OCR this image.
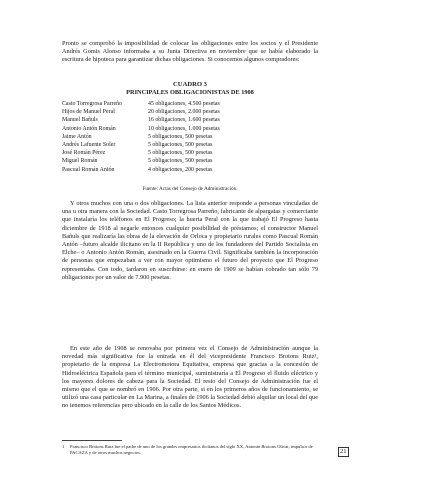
Pronto se comprobó la imposibilidad de colocar las obligaciones entre los socios y el Presidente Andrés Gomis Alonso informaba a su Junta Directiva en noviembre que se había elaborado la escritura de hipoteca para garantizar dichas obligaciones. Si conocemos algunos compradores:
CUADRO 3
PRINCIPALES OBLIGACIONISTAS DE 1908
Casto Torregrosa Parreño	45 obligaciones, 4.500 pesetas
Hijos de Manuel Peral	20 obligaciones, 2.000 pesetas
Manuel Bañuls	16 obligaciones, 1.600 pesetas
Antonio Antón Román	10 obligaciones, 1.000 pesetas
Jaime Antón	5 obligaciones, 500 pesetas
Andrés Lafuente Soler	5 obligaciones, 500 pesetas
José Román Pérez	5 obligaciones, 500 pesetas
Miguel Román	5 obligaciones, 500 pesetas
Pascual Román Antón	4 obligaciones, 200 pesetas
Fuente: Actas del Consejo de Administración.
Y otros muchos con una o dos obligaciones. La lista anterior responde a personas vinculadas de una u otra manera con la Sociedad. Casto Torregrosa Parreño, fabricante de alpargatas y comerciante que instalaría los teléfonos en El Progreso; la huerta Peral con la que trabajó El Progreso hasta diciembre de 1918 al negarle entonces cualquier posibilidad de préstamos; el constructor Manuel Bañuls que realizaría las obras de la elevación de Orloca y propietario rurales como Pascual Román Antón –futuro alcalde ilicitano en la II República y uno de los fundadores del Partido Socialista en Elche– o Antonio Antón Román, asesinado en la Guerra Civil. Significaba también la incorporación de personas que empezaban a ver con mayor optimismo el futuro del proyecto que El Progreso representaba. Con todo, tardaron en suscribirse: en enero de 1909 se habían cobrado tan sólo 79 obligaciones por un valor de 7.900 pesetas.
En este año de 1908 se renovaba por primera vez el Consejo de Administración aunque la novedad más significativa fue la entrada en él del vicepresidente Francisco Brotons Ruiz¹, propietario de la empresa La Electromotora Equitativa, empresa que gracias a la concesión de Hidroeléctrica Española para el término municipal, suministraría a El Progreso el fluido eléctrico y los mayores dolores de cabeza para la Sociedad. El resto del Consejo de Administración fue el mismo que el que se nombró en 1906. Por otra parte, si en los primeros años de funcionamiento, se utilizó una casa particular en La Marina, a finales de 1906 la Sociedad debió alquilar un local del que no tenemos referencias pero ubicado en la calle de los Santos Médicos.
1 Francisco Brotons Ruiz fue el padre de uno de los grandes empresarios ilicitanos del siglo XX, Antonio Brotons Olivar, impulsor de PACAZA y de otros muchos negocios.	21
